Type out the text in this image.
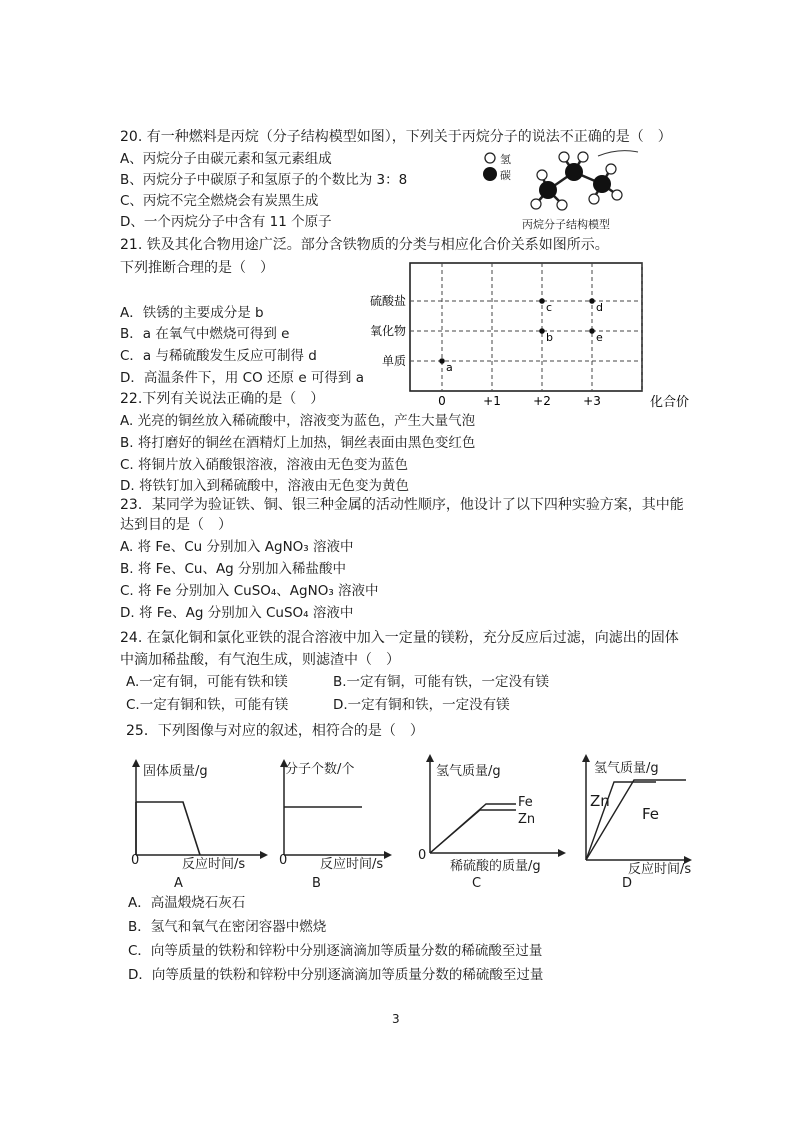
20. 有一种燃料是丙烷（分子结构模型如图），下列关于丙烷分子的说法不正确的是（　）
A、丙烷分子由碳元素和氢元素组成
B、丙烷分子中碳原子和氢原子的个数比为 3：8
C、丙烷不完全燃烧会有炭黑生成
D、一个丙烷分子中含有 11 个原子
氢
碳
丙烷分子结构模型
21. 铁及其化合物用途广泛。部分含铁物质的分类与相应化合价关系如图所示。
下列推断合理的是（　）
A．铁锈的主要成分是 b
B．a 在氧气中燃烧可得到 e
C．a 与稀硫酸发生反应可制得 d
D．高温条件下，用 CO 还原 e 可得到 a
单质
氧化物
硫酸盐
0	+1	+2	+3	化合价
a
b
c	d
e
22.下列有关说法正确的是（　）
A. 光亮的铜丝放入稀硫酸中，溶液变为蓝色，产生大量气泡
B. 将打磨好的铜丝在酒精灯上加热，铜丝表面由黑色变红色
C. 将铜片放入硝酸银溶液，溶液由无色变为蓝色
D. 将铁钉加入到稀硫酸中，溶液由无色变为黄色
23．某同学为验证铁、铜、银三种金属的活动性顺序，他设计了以下四种实验方案，其中能
达到目的是（　）
A. 将 Fe、Cu 分别加入 AgNO₃ 溶液中
B. 将 Fe、Cu、Ag 分别加入稀盐酸中
C. 将 Fe 分别加入 CuSO₄、AgNO₃ 溶液中
D. 将 Fe、Ag 分别加入 CuSO₄ 溶液中
24. 在氯化铜和氯化亚铁的混合溶液中加入一定量的镁粉，充分反应后过滤，向滤出的固体
中滴加稀盐酸，有气泡生成，则滤渣中（　）
A.一定有铜，可能有铁和镁	B.一定有铜，可能有铁，一定没有镁
C.一定有铜和铁，可能有镁	D.一定有铜和铁，一定没有镁
25．下列图像与对应的叙述，相符合的是（　）
固体质量/g
反应时间/s
0
A
分子个数/个
反应时间/s
0
B
氢气质量/g
Fe
Zn
稀硫酸的质量/g
0
C
氢气质量/g
Zn
Fe
反应时间/s
D
A．高温煅烧石灰石
B．氢气和氧气在密闭容器中燃烧
C．向等质量的铁粉和锌粉中分别逐滴滴加等质量分数的稀硫酸至过量
D．向等质量的铁粉和锌粉中分别逐滴滴加等质量分数的稀硫酸至过量
3
